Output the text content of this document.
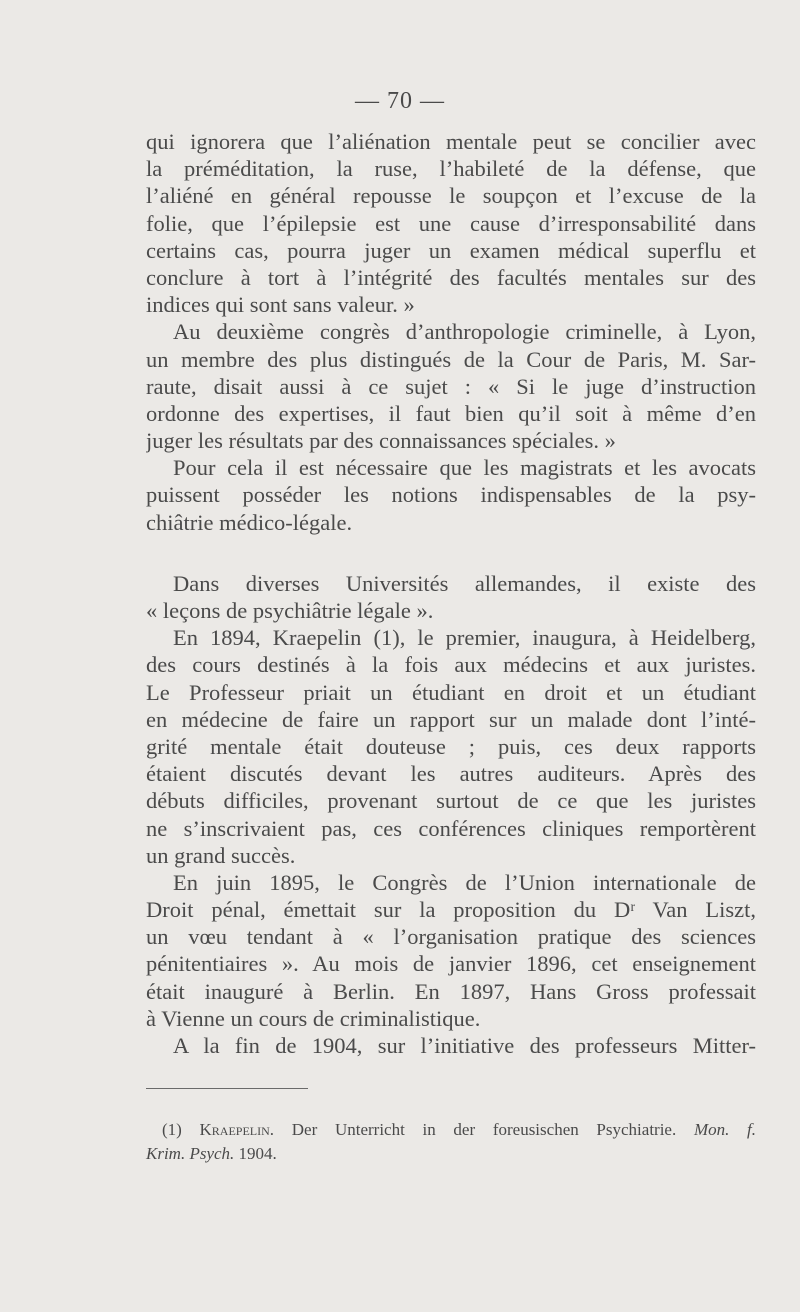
— 70 —
qui ignorera que l’aliénation mentale peut se concilier avec
la préméditation, la ruse, l’habileté de la défense, que
l’aliéné en général repousse le soupçon et l’excuse de la
folie, que l’épilepsie est une cause d’irresponsabilité dans
certains cas, pourra juger un examen médical superflu et
conclure à tort à l’intégrité des facultés mentales sur des
indices qui sont sans valeur. »
Au deuxième congrès d’anthropologie criminelle, à Lyon,
un membre des plus distingués de la Cour de Paris, M. Sar-
raute, disait aussi à ce sujet : « Si le juge d’instruction
ordonne des expertises, il faut bien qu’il soit à même d’en
juger les résultats par des connaissances spéciales. »
Pour cela il est nécessaire que les magistrats et les avocats
puissent posséder les notions indispensables de la psy-
chiâtrie médico-légale.
Dans diverses Universités allemandes, il existe des
« leçons de psychiâtrie légale ».
En 1894, Kraepelin (1), le premier, inaugura, à Heidelberg,
des cours destinés à la fois aux médecins et aux juristes.
Le Professeur priait un étudiant en droit et un étudiant
en médecine de faire un rapport sur un malade dont l’inté-
grité mentale était douteuse ; puis, ces deux rapports
étaient discutés devant les autres auditeurs. Après des
débuts difficiles, provenant surtout de ce que les juristes
ne s’inscrivaient pas, ces conférences cliniques remportèrent
un grand succès.
En juin 1895, le Congrès de l’Union internationale de
Droit pénal, émettait sur la proposition du Dʳ Van Liszt,
un vœu tendant à « l’organisation pratique des sciences
pénitentiaires ». Au mois de janvier 1896, cet enseignement
était inauguré à Berlin. En 1897, Hans Gross professait
à Vienne un cours de criminalistique.
A la fin de 1904, sur l’initiative des professeurs Mitter-
(1) Kraepelin. Der Unterricht in der foreusischen Psychiatrie. Mon. f.
Krim. Psych. 1904.
